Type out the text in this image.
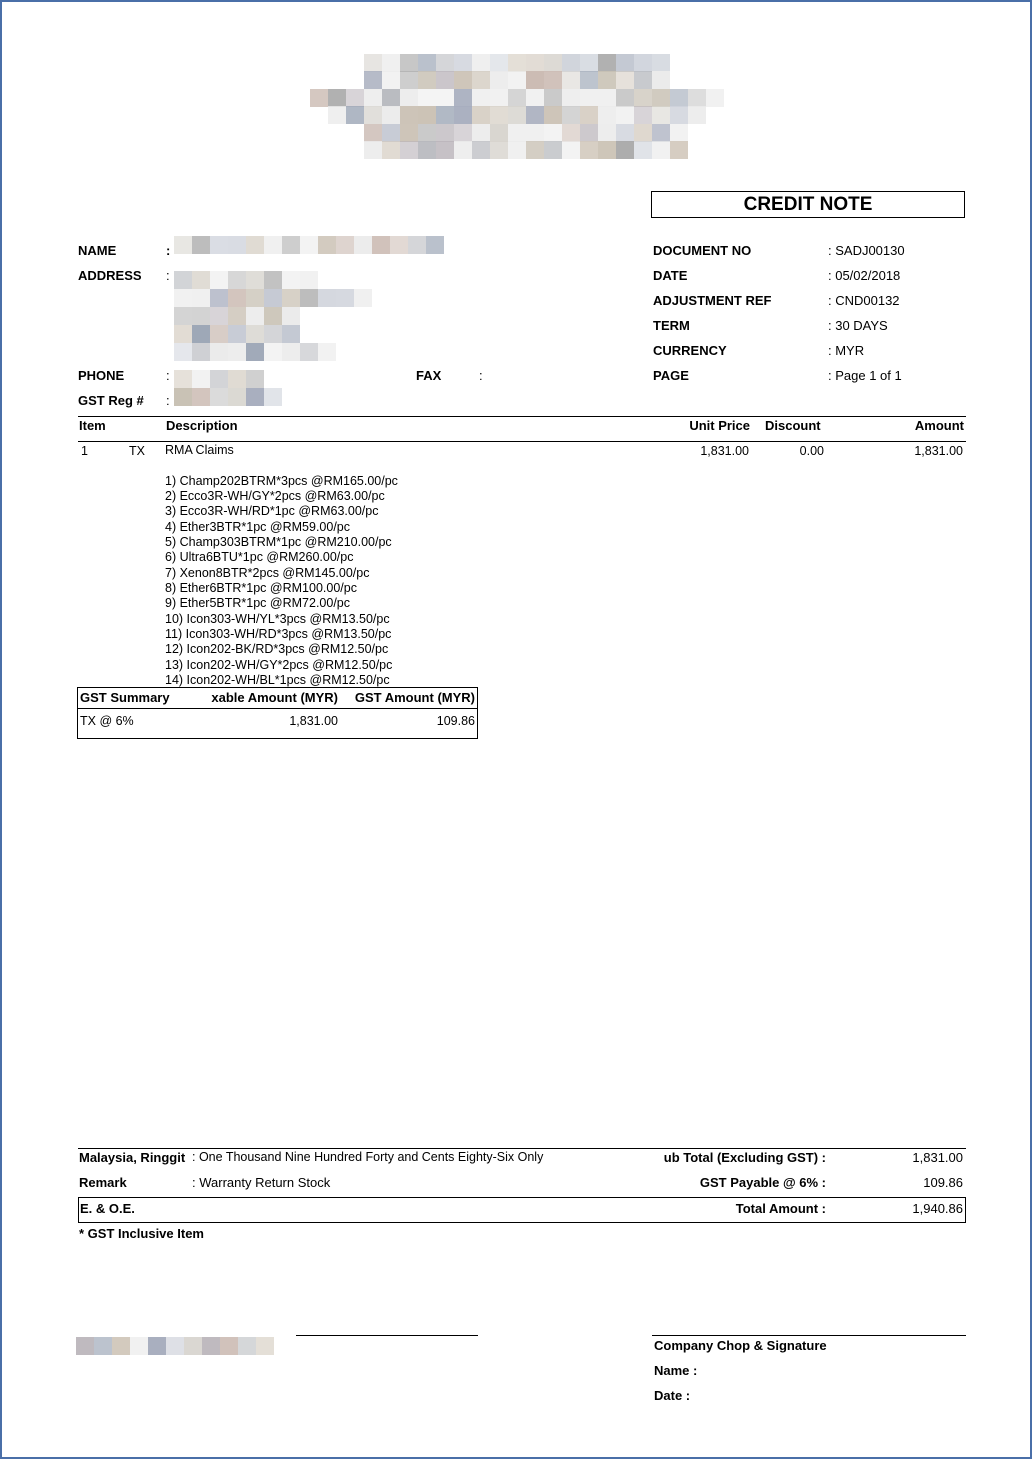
CREDIT NOTE
NAME	:
ADDRESS :
PHONE	:	FAX	:
GST Reg # :
DOCUMENT NO	: SADJ00130
DATE	: 05/02/2018
ADJUSTMENT REF	: CND00132
TERM	: 30 DAYS
CURRENCY	: MYR
PAGE	: Page 1 of 1
Item	Description	Unit Price Discount	Amount
1	TX RMA Claims	1,831.00	0.00	1,831.00
1) Champ202BTRM*3pcs @RM165.00/pc
2) Ecco3R-WH/GY*2pcs @RM63.00/pc
3) Ecco3R-WH/RD*1pc @RM63.00/pc
4) Ether3BTR*1pc @RM59.00/pc
5) Champ303BTRM*1pc @RM210.00/pc
6) Ultra6BTU*1pc @RM260.00/pc
7) Xenon8BTR*2pcs @RM145.00/pc
8) Ether6BTR*1pc @RM100.00/pc
9) Ether5BTR*1pc @RM72.00/pc
10) Icon303-WH/YL*3pcs @RM13.50/pc
11) Icon303-WH/RD*3pcs @RM13.50/pc
12) Icon202-BK/RD*3pcs @RM12.50/pc
13) Icon202-WH/GY*2pcs @RM12.50/pc
14) Icon202-WH/BL*1pcs @RM12.50/pc
GST Summary	xable Amount (MYR)	GST Amount (MYR)
TX @ 6%	1,831.00	109.86
Malaysia, Ringgit : One Thousand Nine Hundred Forty and Cents Eighty-Six Only	ub Total (Excluding GST) :	1,831.00
Remark	: Warranty Return Stock	GST Payable @ 6% :	109.86
E. & O.E.	Total Amount :	1,940.86
* GST Inclusive Item
Company Chop & Signature
Name :
Date :
